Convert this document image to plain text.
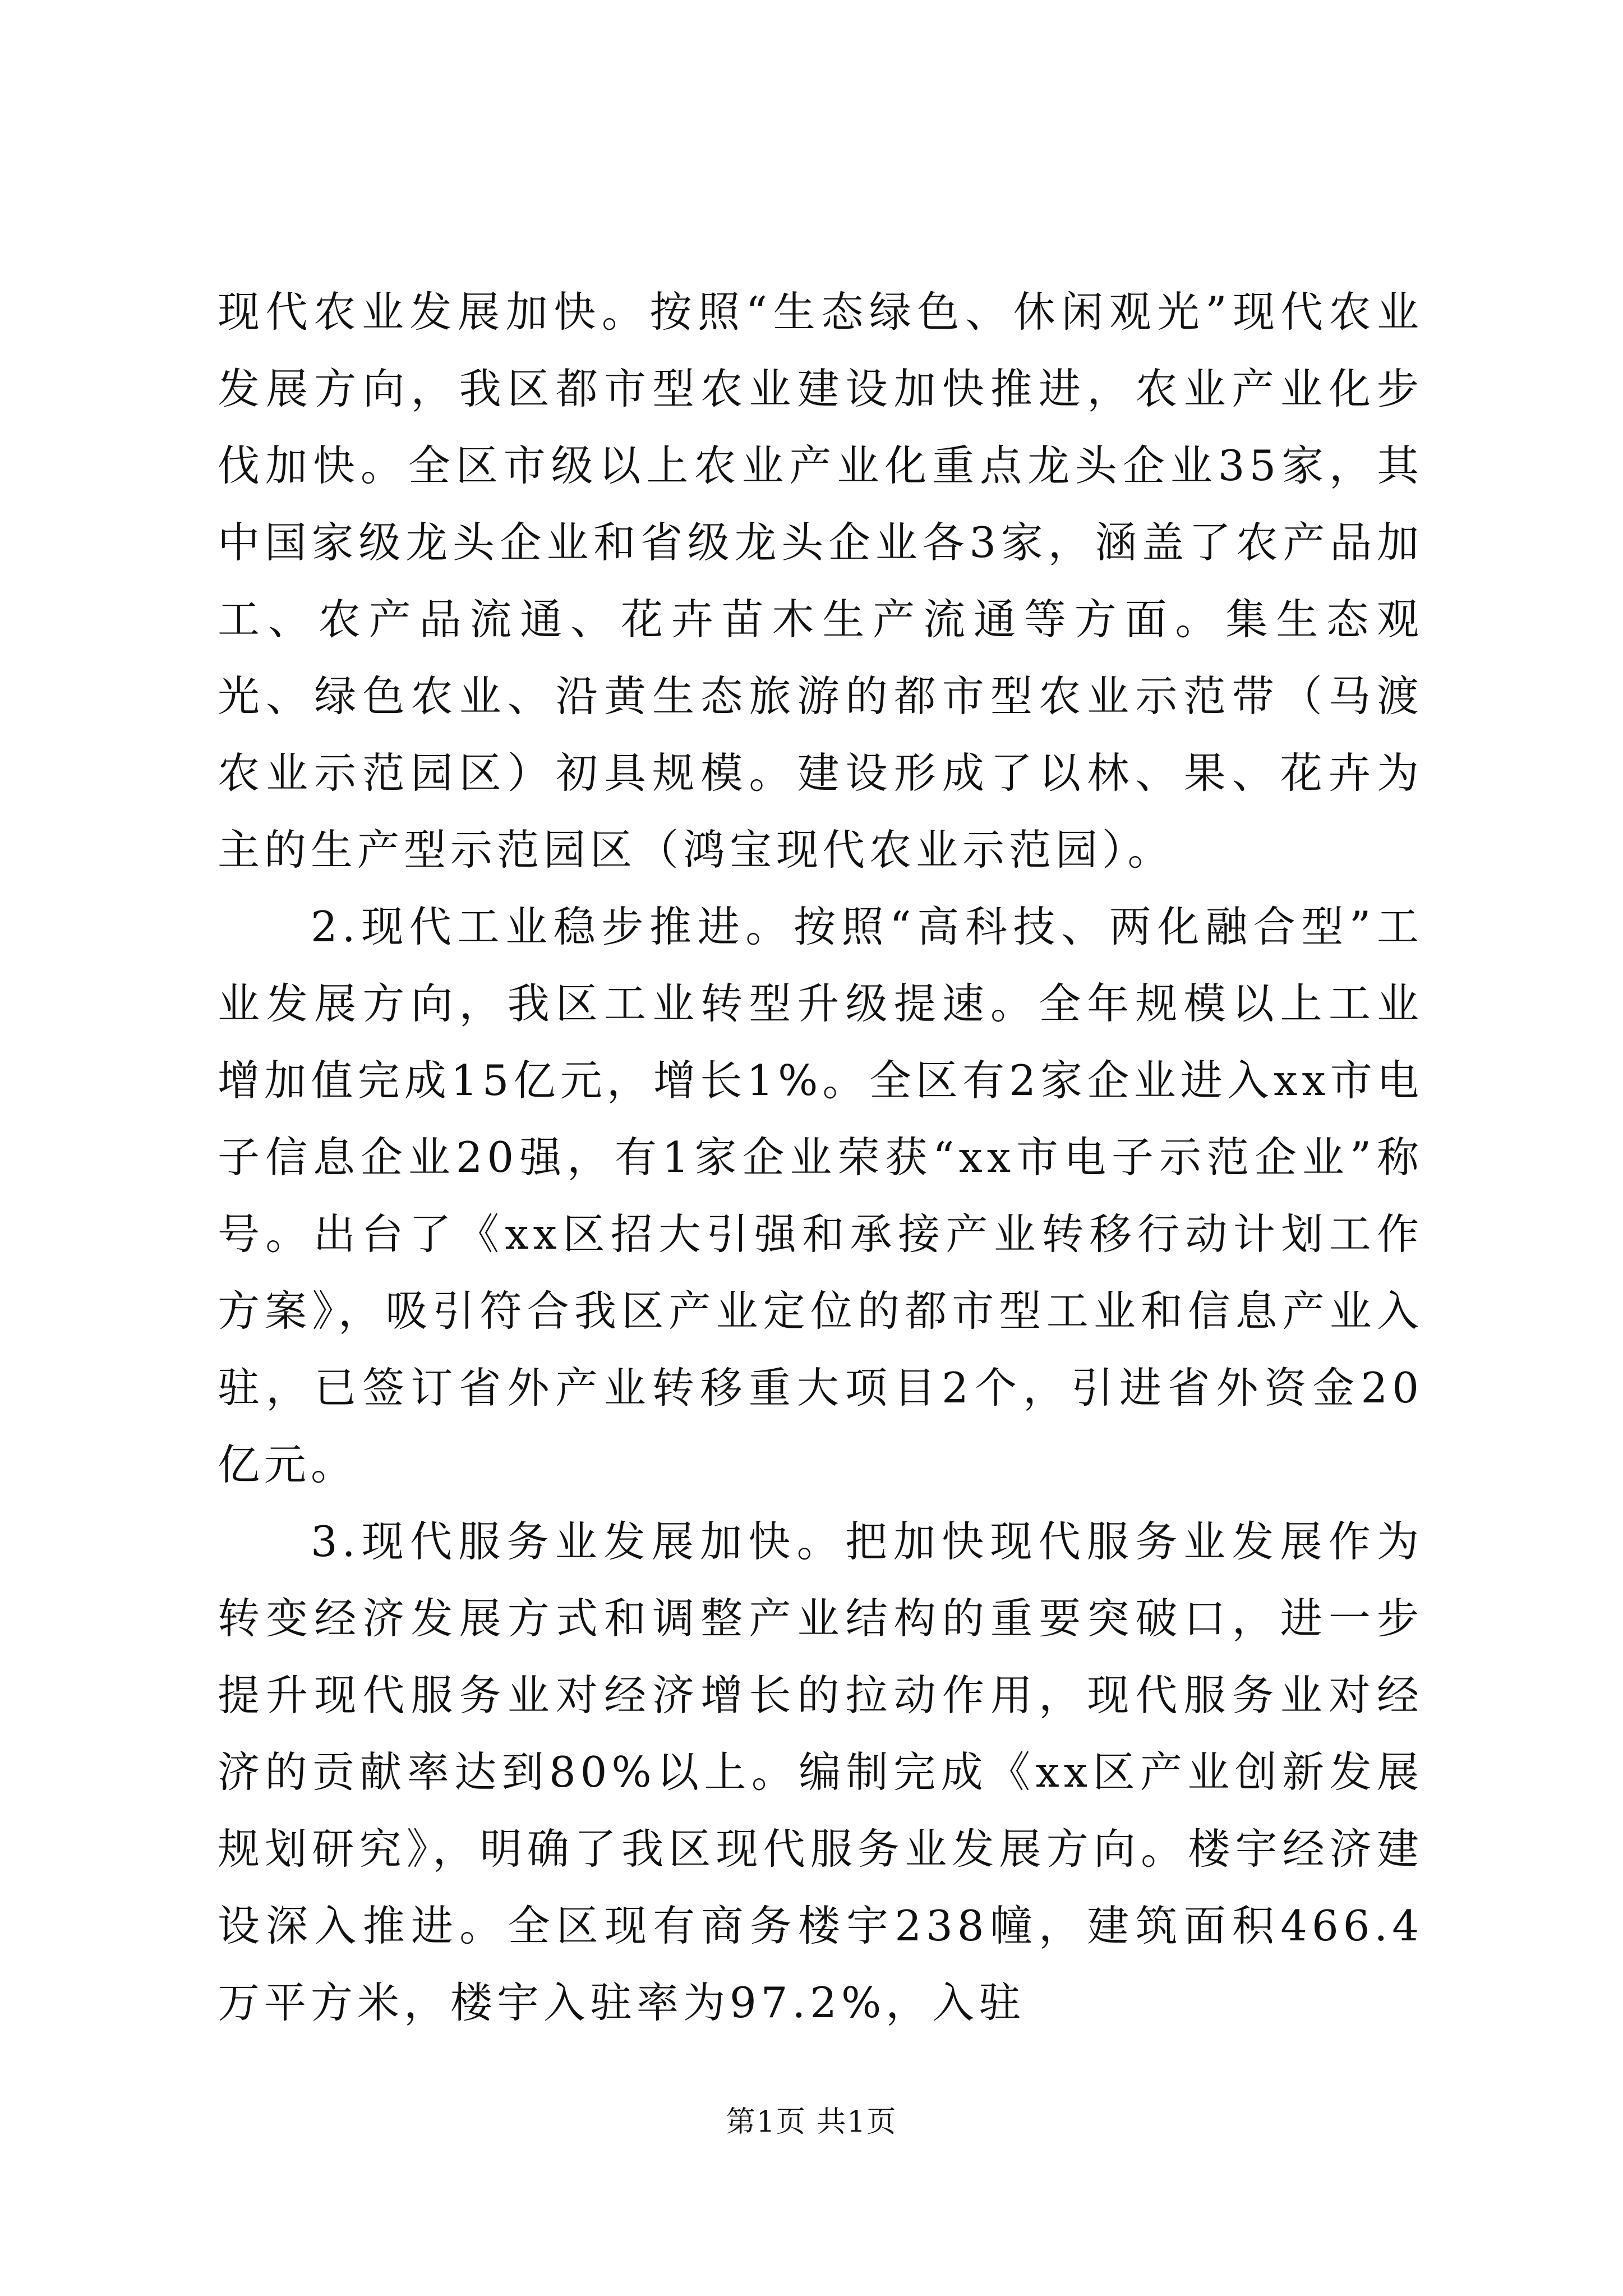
现代农业发展加快。按照“生态绿色、休闲观光”现代农业发展方向，我区都市型农业建设加快推进，农业产业化步伐加快。全区市级以上农业产业化重点龙头企业35家，其中国家级龙头企业和省级龙头企业各3家，涵盖了农产品加工、农产品流通、花卉苗木生产流通等方面。集生态观光、绿色农业、沿黄生态旅游的都市型农业示范带（马渡农业示范园区）初具规模。建设形成了以林、果、花卉为主的生产型示范园区（鸿宝现代农业示范园）。

2.现代工业稳步推进。按照“高科技、两化融合型”工业发展方向，我区工业转型升级提速。全年规模以上工业增加值完成15亿元，增长1%。全区有2家企业进入xx市电子信息企业20强，有1家企业荣获“xx市电子示范企业”称号。出台了《xx区招大引强和承接产业转移行动计划工作方案》，吸引符合我区产业定位的都市型工业和信息产业入驻，已签订省外产业转移重大项目2个，引进省外资金20亿元。

3.现代服务业发展加快。把加快现代服务业发展作为转变经济发展方式和调整产业结构的重要突破口，进一步提升现代服务业对经济增长的拉动作用，现代服务业对经济的贡献率达到80%以上。编制完成《xx区产业创新发展规划研究》，明确了我区现代服务业发展方向。楼宇经济建设深入推进。全区现有商务楼宇238幢，建筑面积466.4万平方米，楼宇入驻率为97.2%，入驻

第1页 共1页
